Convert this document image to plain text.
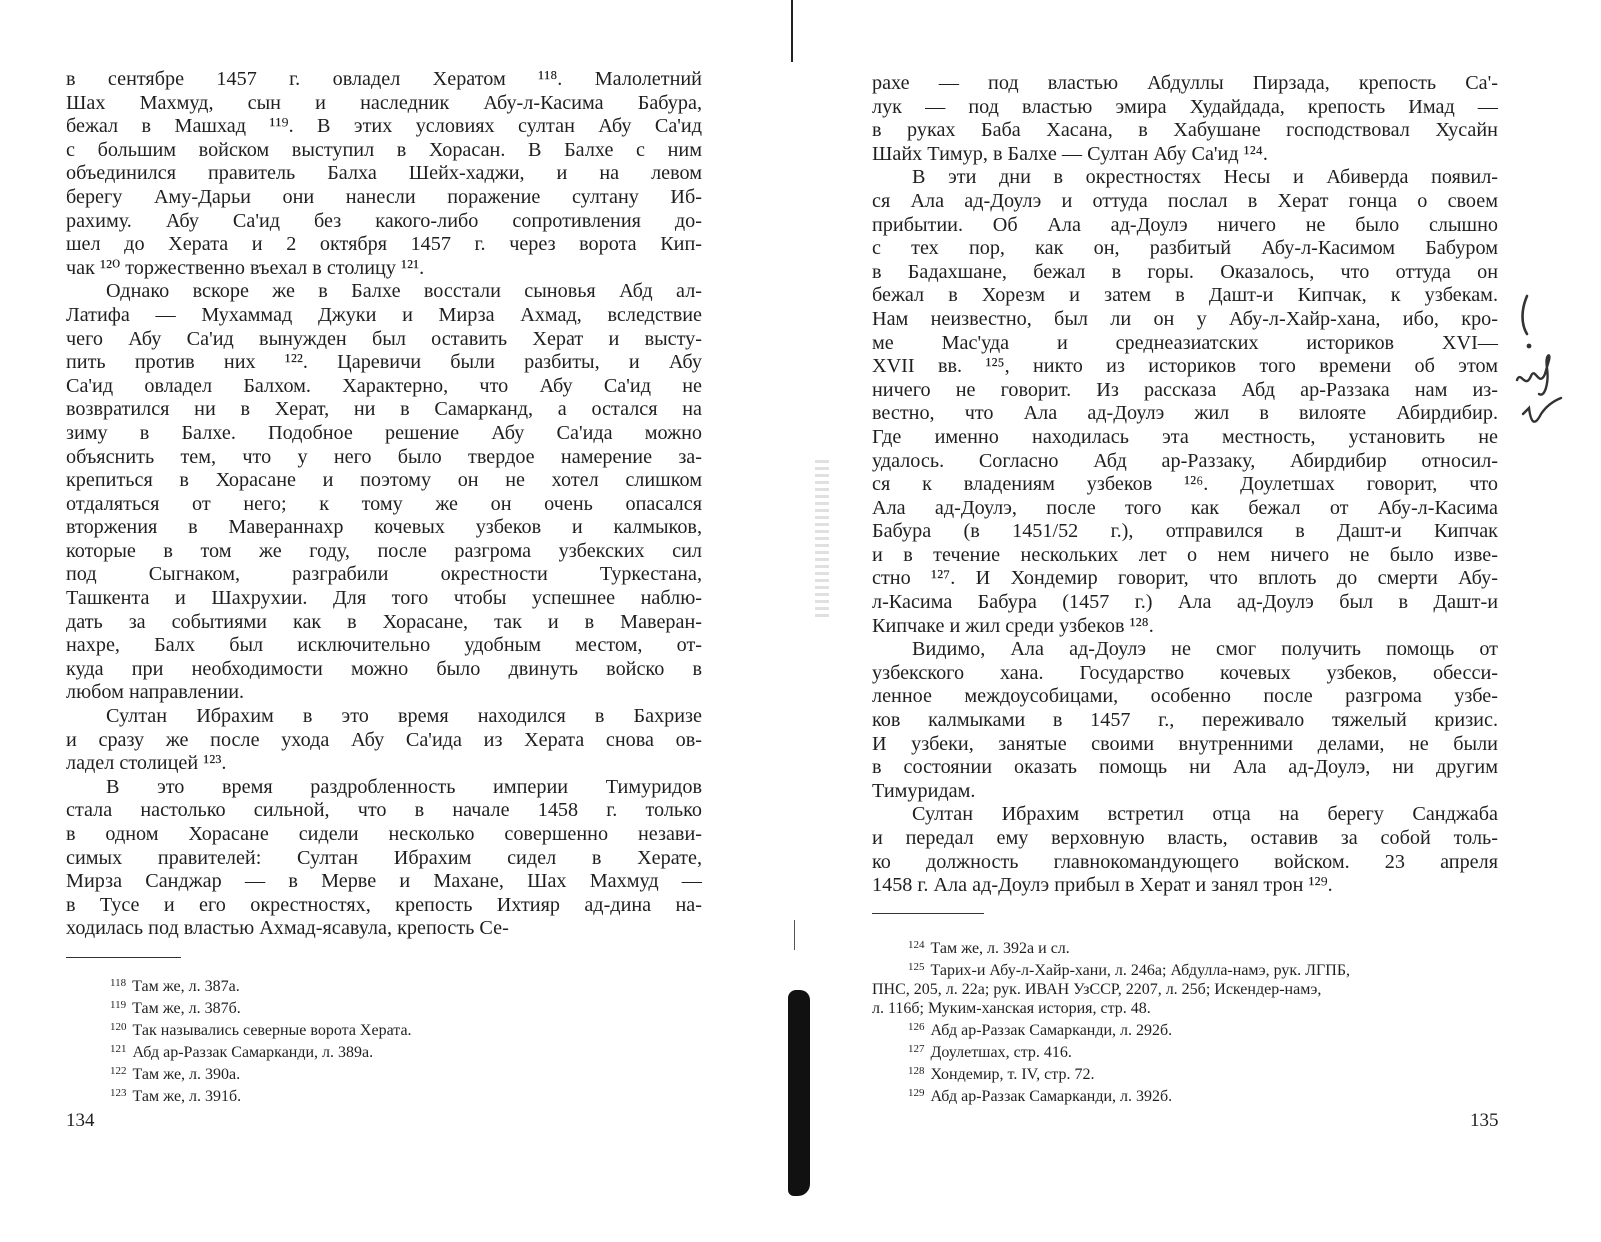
в сентябре 1457 г. овладел Хератом ¹¹⁸. Малолетний
Шах Махмуд, сын и наследник Абу-л-Касима Бабура,
бежал в Машхад ¹¹⁹. В этих условиях султан Абу Са'ид
с большим войском выступил в Хорасан. В Балхе с ним
объединился правитель Балха Шейх-хаджи, и на левом
берегу Аму-Дарьи они нанесли поражение султану Иб-
рахиму. Абу Са'ид без какого-либо сопротивления до-
шел до Херата и 2 октября 1457 г. через ворота Кип-
чак ¹²⁰ торжественно въехал в столицу ¹²¹.

Однако вскоре же в Балхе восстали сыновья Абд ал-
Латифа — Мухаммад Джуки и Мирза Ахмад, вследствие
чего Абу Са'ид вынужден был оставить Херат и высту-
пить против них ¹²². Царевичи были разбиты, и Абу
Са'ид овладел Балхом. Характерно, что Абу Са'ид не
возвратился ни в Херат, ни в Самарканд, а остался на
зиму в Балхе. Подобное решение Абу Са'ида можно
объяснить тем, что у него было твердое намерение за-
крепиться в Хорасане и поэтому он не хотел слишком
отдаляться от него; к тому же он очень опасался
вторжения в Мавераннахр кочевых узбеков и калмыков,
которые в том же году, после разгрома узбекских сил
под Сыгнаком, разграбили окрестности Туркестана,
Ташкента и Шахрухии. Для того чтобы успешнее наблю-
дать за событиями как в Хорасане, так и в Маверан-
нахре, Балх был исключительно удобным местом, от-
куда при необходимости можно было двинуть войско в
любом направлении.

Султан Ибрахим в это время находился в Бахризе
и сразу же после ухода Абу Са'ида из Херата снова ов-
ладел столицей ¹²³.

В это время раздробленность империи Тимуридов
стала настолько сильной, что в начале 1458 г. только
в одном Хорасане сидели несколько совершенно незави-
симых правителей: Султан Ибрахим сидел в Херате,
Мирза Санджар — в Мерве и Махане, Шах Махмуд —
в Тусе и его окрестностях, крепость Ихтияр ад-дина на-
ходилась под властью Ахмад-ясавула, крепость Се-

$^{118}$ Там же, л. 387а.
$^{119}$ Там же, л. 387б.
$^{120}$ Так назывались северные ворота Херата.
$^{121}$ Абд ар-Раззак Самарканди, л. 389а.
$^{122}$ Там же, л. 390а.
$^{123}$ Там же, л. 391б.
134

рахе — под властью Абдуллы Пирзада, крепость Са'-
лук — под властью эмира Худайдада, крепость Имад —
в руках Баба Хасана, в Хабушане господствовал Хусайн
Шайх Тимур, в Балхе — Султан Абу Са'ид ¹²⁴.

В эти дни в окрестностях Несы и Абиверда появил-
ся Ала ад-Доулэ и оттуда послал в Херат гонца о своем
прибытии. Об Ала ад-Доулэ ничего не было слышно
с тех пор, как он, разбитый Абу-л-Касимом Бабуром
в Бадахшане, бежал в горы. Оказалось, что оттуда он
бежал в Хорезм и затем в Дашт-и Кипчак, к узбекам.
Нам неизвестно, был ли он у Абу-л-Хайр-хана, ибо, кро-
ме Мас'уда и среднеазиатских историков XVI—
XVII вв. ¹²⁵, никто из историков того времени об этом
ничего не говорит. Из рассказа Абд ар-Раззака нам из-
вестно, что Ала ад-Доулэ жил в вилояте Абирдибир.
Где именно находилась эта местность, установить не
удалось. Согласно Абд ар-Раззаку, Абирдибир относил-
ся к владениям узбеков ¹²⁶. Доулетшах говорит, что
Ала ад-Доулэ, после того как бежал от Абу-л-Касима
Бабура (в 1451/52 г.), отправился в Дашт-и Кипчак
и в течение нескольких лет о нем ничего не было изве-
стно ¹²⁷. И Хондемир говорит, что вплоть до смерти Абу-
л-Касима Бабура (1457 г.) Ала ад-Доулэ был в Дашт-и
Кипчаке и жил среди узбеков ¹²⁸.

Видимо, Ала ад-Доулэ не смог получить помощь от
узбекского хана. Государство кочевых узбеков, обесси-
ленное междоусобицами, особенно после разгрома узбе-
ков калмыками в 1457 г., переживало тяжелый кризис.
И узбеки, занятые своими внутренними делами, не были
в состоянии оказать помощь ни Ала ад-Доулэ, ни другим
Тимуридам.

Султан Ибрахим встретил отца на берегу Санджаба
и передал ему верховную власть, оставив за собой толь-
ко должность главнокомандующего войском. 23 апреля
1458 г. Ала ад-Доулэ прибыл в Херат и занял трон ¹²⁹.

$^{124}$ Там же, л. 392а и сл.
$^{125}$ Тарих-и Абу-л-Хайр-хани, л. 246а; Абдулла-намэ, рук. ЛГПБ,
ПНС, 205, л. 22а; рук. ИВАН УзССР, 2207, л. 25б; Искендер-намэ,
л. 116б; Муким-ханская история, стр. 48.
$^{126}$ Абд ар-Раззак Самарканди, л. 292б.
$^{127}$ Доулетшах, стр. 416.
$^{128}$ Хондемир, т. IV, стр. 72.
$^{129}$ Абд ар-Раззак Самарканди, л. 392б.
135
